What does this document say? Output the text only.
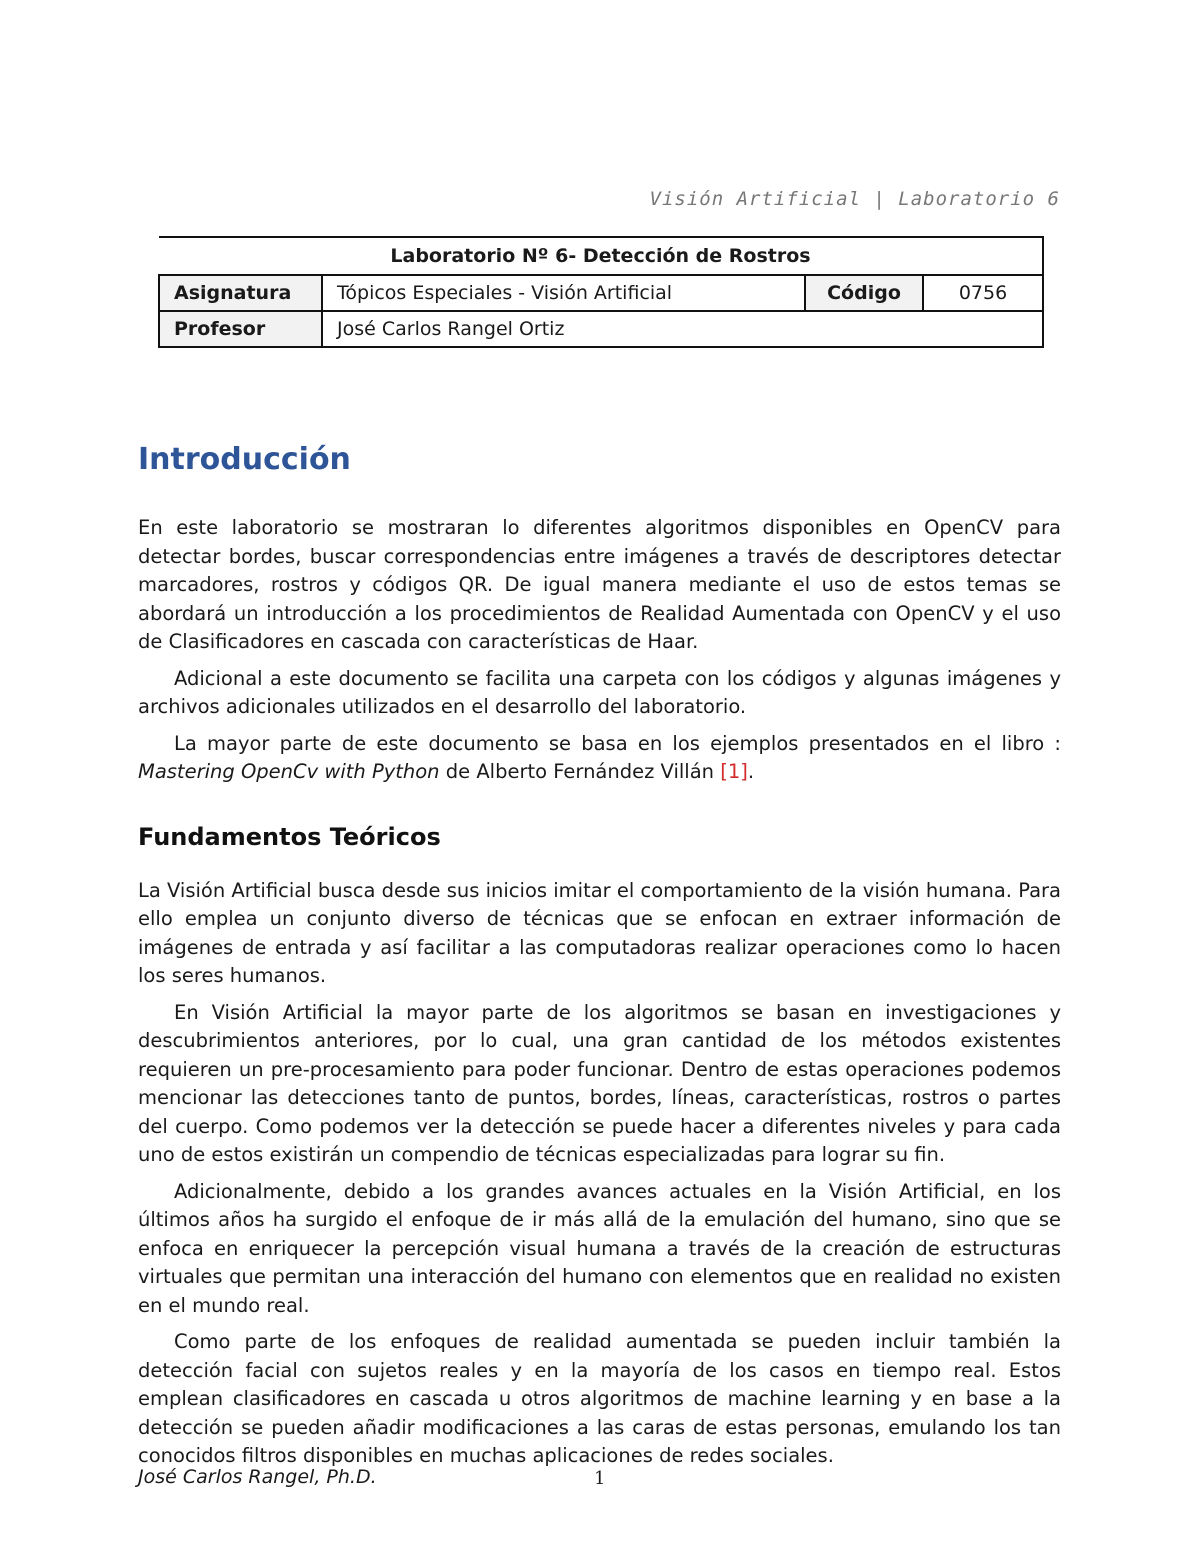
Visión Artificial | Laboratorio 6
Laboratorio Nº 6- Detección de Rostros			
Asignatura	Tópicos Especiales - Visión Artificial	Código	0756
Profesor	José Carlos Rangel Ortiz		
Introducción

En este laboratorio se mostraran lo diferentes algoritmos disponibles en OpenCV para detectar bordes, buscar correspondencias entre imágenes a través de descriptores detectar marcadores, rostros y códigos QR. De igual manera mediante el uso de estos temas se abordará un introducción a los procedimientos de Realidad Aumentada con OpenCV y el uso de Clasificadores en cascada con características de Haar.

Adicional a este documento se facilita una carpeta con los códigos y algunas imágenes y archivos adicionales utilizados en el desarrollo del laboratorio.

La mayor parte de este documento se basa en los ejemplos presentados en el libro : Mastering OpenCv with Python de Alberto Fernández Villán [1].

Fundamentos Teóricos

La Visión Artificial busca desde sus inicios imitar el comportamiento de la visión humana. Para ello emplea un conjunto diverso de técnicas que se enfocan en extraer información de imágenes de entrada y así facilitar a las computadoras realizar operaciones como lo hacen los seres humanos.

En Visión Artificial la mayor parte de los algoritmos se basan en investigaciones y descubrimientos anteriores, por lo cual, una gran cantidad de los métodos existentes requieren un pre-procesamiento para poder funcionar. Dentro de estas operaciones podemos mencionar las detecciones tanto de puntos, bordes, líneas, características, rostros o partes del cuerpo. Como podemos ver la detección se puede hacer a diferentes niveles y para cada uno de estos existirán un compendio de técnicas especializadas para lograr su fin.

Adicionalmente, debido a los grandes avances actuales en la Visión Artificial, en los últimos años ha surgido el enfoque de ir más allá de la emulación del humano, sino que se enfoca en enriquecer la percepción visual humana a través de la creación de estructuras virtuales que permitan una interacción del humano con elementos que en realidad no existen en el mundo real.

Como parte de los enfoques de realidad aumentada se pueden incluir también la detección facial con sujetos reales y en la mayoría de los casos en tiempo real. Estos emplean clasificadores en cascada u otros algoritmos de machine learning y en base a la detección se pueden añadir modificaciones a las caras de estas personas, emulando los tan conocidos filtros disponibles en muchas aplicaciones de redes sociales.

José Carlos Rangel, Ph.D.	1
